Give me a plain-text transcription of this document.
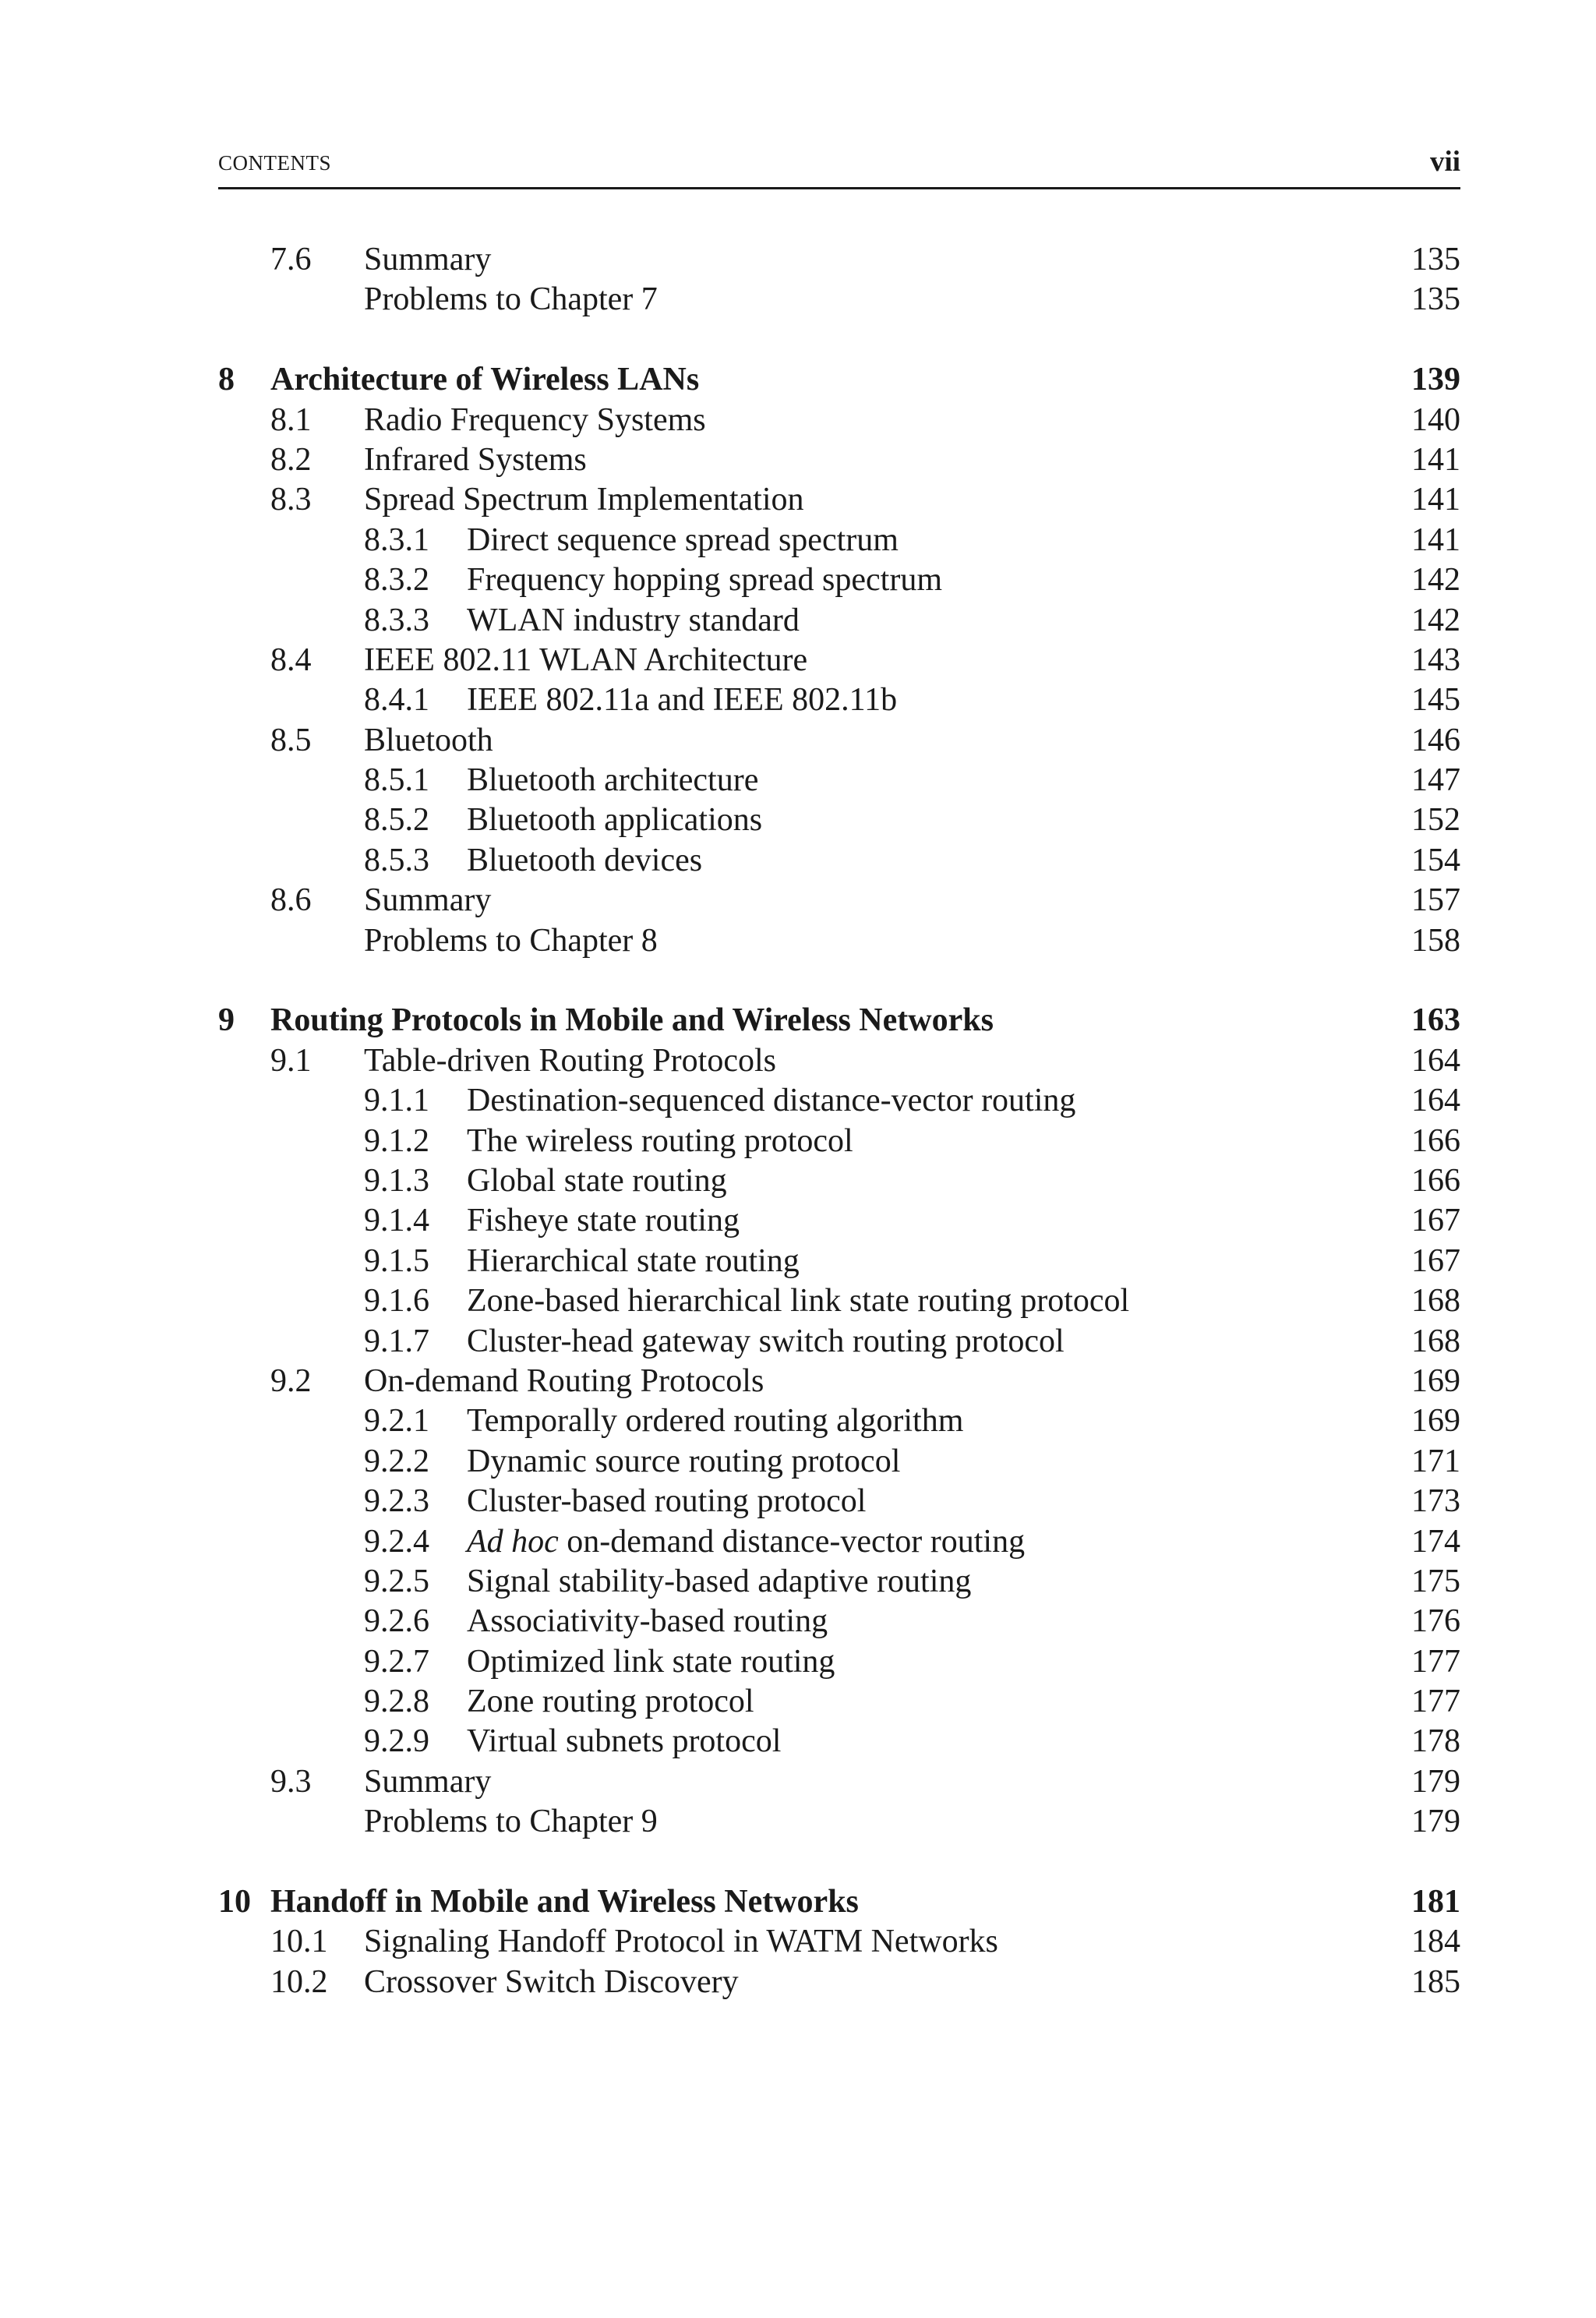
CONTENTS	vii
7.6 Summary	135
Problems to Chapter 7	135
8 Architecture of Wireless LANs	139
8.1 Radio Frequency Systems	140
8.2 Infrared Systems	141
8.3 Spread Spectrum Implementation	141
8.3.1 Direct sequence spread spectrum	141
8.3.2 Frequency hopping spread spectrum	142
8.3.3 WLAN industry standard	142
8.4 IEEE 802.11 WLAN Architecture	143
8.4.1 IEEE 802.11a and IEEE 802.11b	145
8.5 Bluetooth	146
8.5.1 Bluetooth architecture	147
8.5.2 Bluetooth applications	152
8.5.3 Bluetooth devices	154
8.6 Summary	157
Problems to Chapter 8	158
9 Routing Protocols in Mobile and Wireless Networks	163
9.1 Table-driven Routing Protocols	164
9.1.1 Destination-sequenced distance-vector routing	164
9.1.2 The wireless routing protocol	166
9.1.3 Global state routing	166
9.1.4 Fisheye state routing	167
9.1.5 Hierarchical state routing	167
9.1.6 Zone-based hierarchical link state routing protocol	168
9.1.7 Cluster-head gateway switch routing protocol	168
9.2 On-demand Routing Protocols	169
9.2.1 Temporally ordered routing algorithm	169
9.2.2 Dynamic source routing protocol	171
9.2.3 Cluster-based routing protocol	173
9.2.4 Ad hoc on-demand distance-vector routing	174
9.2.5 Signal stability-based adaptive routing	175
9.2.6 Associativity-based routing	176
9.2.7 Optimized link state routing	177
9.2.8 Zone routing protocol	177
9.2.9 Virtual subnets protocol	178
9.3 Summary	179
Problems to Chapter 9	179
10 Handoff in Mobile and Wireless Networks	181
10.1 Signaling Handoff Protocol in WATM Networks	184
10.2 Crossover Switch Discovery	185
